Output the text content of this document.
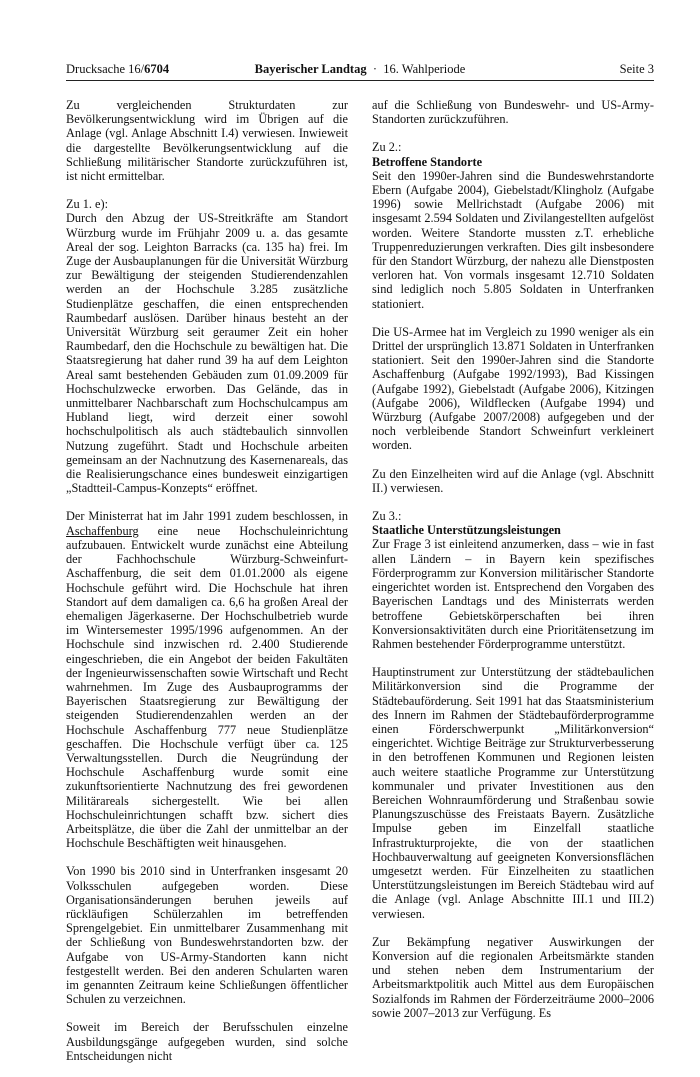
Drucksache 16/6704	Bayerischer Landtag · 16. Wahlperiode	Seite 3

Zu vergleichenden Strukturdaten zur Bevölkerungsentwicklung wird im Übrigen auf die Anlage (vgl. Anlage Abschnitt I.4) verwiesen. Inwieweit die dargestellte Bevölkerungsentwicklung auf die Schließung militärischer Standorte zurückzuführen ist, ist nicht ermittelbar.

Zu 1. e):

Durch den Abzug der US-Streitkräfte am Standort Würzburg wurde im Frühjahr 2009 u. a. das gesamte Areal der sog. Leighton Barracks (ca. 135 ha) frei. Im Zuge der Ausbauplanungen für die Universität Würzburg zur Bewältigung der steigenden Studierendenzahlen werden an der Hochschule 3.285 zusätzliche Studienplätze geschaffen, die einen entsprechenden Raumbedarf auslösen. Darüber hinaus besteht an der Universität Würzburg seit geraumer Zeit ein hoher Raumbedarf, den die Hochschule zu bewältigen hat. Die Staatsregierung hat daher rund 39 ha auf dem Leighton Areal samt bestehenden Gebäuden zum 01.09.2009 für Hochschulzwecke erworben. Das Gelände, das in unmittelbarer Nachbarschaft zum Hochschulcampus am Hubland liegt, wird derzeit einer sowohl hochschulpolitisch als auch städtebaulich sinnvollen Nutzung zugeführt. Stadt und Hochschule arbeiten gemeinsam an der Nachnutzung des Kasernenareals, das die Realisierungschance eines bundesweit einzigartigen „Stadtteil-Campus-Konzepts“ eröffnet.

Der Ministerrat hat im Jahr 1991 zudem beschlossen, in Aschaffenburg eine neue Hochschuleinrichtung aufzubauen. Entwickelt wurde zunächst eine Abteilung der Fachhochschule Würzburg-Schweinfurt-Aschaffenburg, die seit dem 01.01.2000 als eigene Hochschule geführt wird. Die Hochschule hat ihren Standort auf dem damaligen ca. 6,6 ha großen Areal der ehemaligen Jägerkaserne. Der Hochschulbetrieb wurde im Wintersemester 1995/1996 aufgenommen. An der Hochschule sind inzwischen rd. 2.400 Studierende eingeschrieben, die ein Angebot der beiden Fakultäten der Ingenieurwissenschaften sowie Wirtschaft und Recht wahrnehmen. Im Zuge des Ausbauprogramms der Bayerischen Staatsregierung zur Bewältigung der steigenden Studierendenzahlen werden an der Hochschule Aschaffenburg 777 neue Studienplätze geschaffen. Die Hochschule verfügt über ca. 125 Verwaltungsstellen. Durch die Neugründung der Hochschule Aschaffenburg wurde somit eine zukunftsorientierte Nachnutzung des frei gewordenen Militärareals sichergestellt. Wie bei allen Hochschuleinrichtungen schafft bzw. sichert dies Arbeitsplätze, die über die Zahl der unmittelbar an der Hochschule Beschäftigten weit hinausgehen.

Von 1990 bis 2010 sind in Unterfranken insgesamt 20 Volksschulen aufgegeben worden. Diese Organisationsänderungen beruhen jeweils auf rückläufigen Schülerzahlen im betreffenden Sprengelgebiet. Ein unmittelbarer Zusammenhang mit der Schließung von Bundeswehrstandorten bzw. der Aufgabe von US-Army-Standorten kann nicht festgestellt werden. Bei den anderen Schularten waren im genannten Zeitraum keine Schließungen öffentlicher Schulen zu verzeichnen.

Soweit im Bereich der Berufsschulen einzelne Ausbildungsgänge aufgegeben wurden, sind solche Entscheidungen nicht

auf die Schließung von Bundeswehr- und US-Army-Standorten zurückzuführen.

Zu 2.:

Betroffene Standorte

Seit den 1990er-Jahren sind die Bundeswehrstandorte Ebern (Aufgabe 2004), Giebelstadt/Klingholz (Aufgabe 1996) sowie Mellrichstadt (Aufgabe 2006) mit insgesamt 2.594 Soldaten und Zivilangestellten aufgelöst worden. Weitere Standorte mussten z.T. erhebliche Truppenreduzierungen verkraften. Dies gilt insbesondere für den Standort Würzburg, der nahezu alle Dienstposten verloren hat. Von vormals insgesamt 12.710 Soldaten sind lediglich noch 5.805 Soldaten in Unterfranken stationiert.

Die US-Armee hat im Vergleich zu 1990 weniger als ein Drittel der ursprünglich 13.871 Soldaten in Unterfranken stationiert. Seit den 1990er-Jahren sind die Standorte Aschaffenburg (Aufgabe 1992/1993), Bad Kissingen (Aufgabe 1992), Giebelstadt (Aufgabe 2006), Kitzingen (Aufgabe 2006), Wildflecken (Aufgabe 1994) und Würzburg (Aufgabe 2007/2008) aufgegeben und der noch verbleibende Standort Schweinfurt verkleinert worden.

Zu den Einzelheiten wird auf die Anlage (vgl. Abschnitt II.) verwiesen.

Zu 3.:

Staatliche Unterstützungsleistungen

Zur Frage 3 ist einleitend anzumerken, dass – wie in fast allen Ländern – in Bayern kein spezifisches Förderprogramm zur Konversion militärischer Standorte eingerichtet worden ist. Entsprechend den Vorgaben des Bayerischen Landtags und des Ministerrats werden betroffene Gebietskörperschaften bei ihren Konversionsaktivitäten durch eine Prioritätensetzung im Rahmen bestehender Förderprogramme unterstützt.

Hauptinstrument zur Unterstützung der städtebaulichen Militärkonversion sind die Programme der Städtebauförderung. Seit 1991 hat das Staatsministerium des Innern im Rahmen der Städtebauförderprogramme einen Förderschwerpunkt „Militärkonversion“ eingerichtet. Wichtige Beiträge zur Strukturverbesserung in den betroffenen Kommunen und Regionen leisten auch weitere staatliche Programme zur Unterstützung kommunaler und privater Investitionen aus den Bereichen Wohnraumförderung und Straßenbau sowie Planungszuschüsse des Freistaats Bayern. Zusätzliche Impulse geben im Einzelfall staatliche Infrastrukturprojekte, die von der staatlichen Hochbauverwaltung auf geeigneten Konversionsflächen umgesetzt werden. Für Einzelheiten zu staatlichen Unterstützungsleistungen im Bereich Städtebau wird auf die Anlage (vgl. Anlage Abschnitte III.1 und III.2) verwiesen.

Zur Bekämpfung negativer Auswirkungen der Konversion auf die regionalen Arbeitsmärkte standen und stehen neben dem Instrumentarium der Arbeitsmarktpolitik auch Mittel aus dem Europäischen Sozialfonds im Rahmen der Förderzeiträume 2000–2006 sowie 2007–2013 zur Verfügung. Es
